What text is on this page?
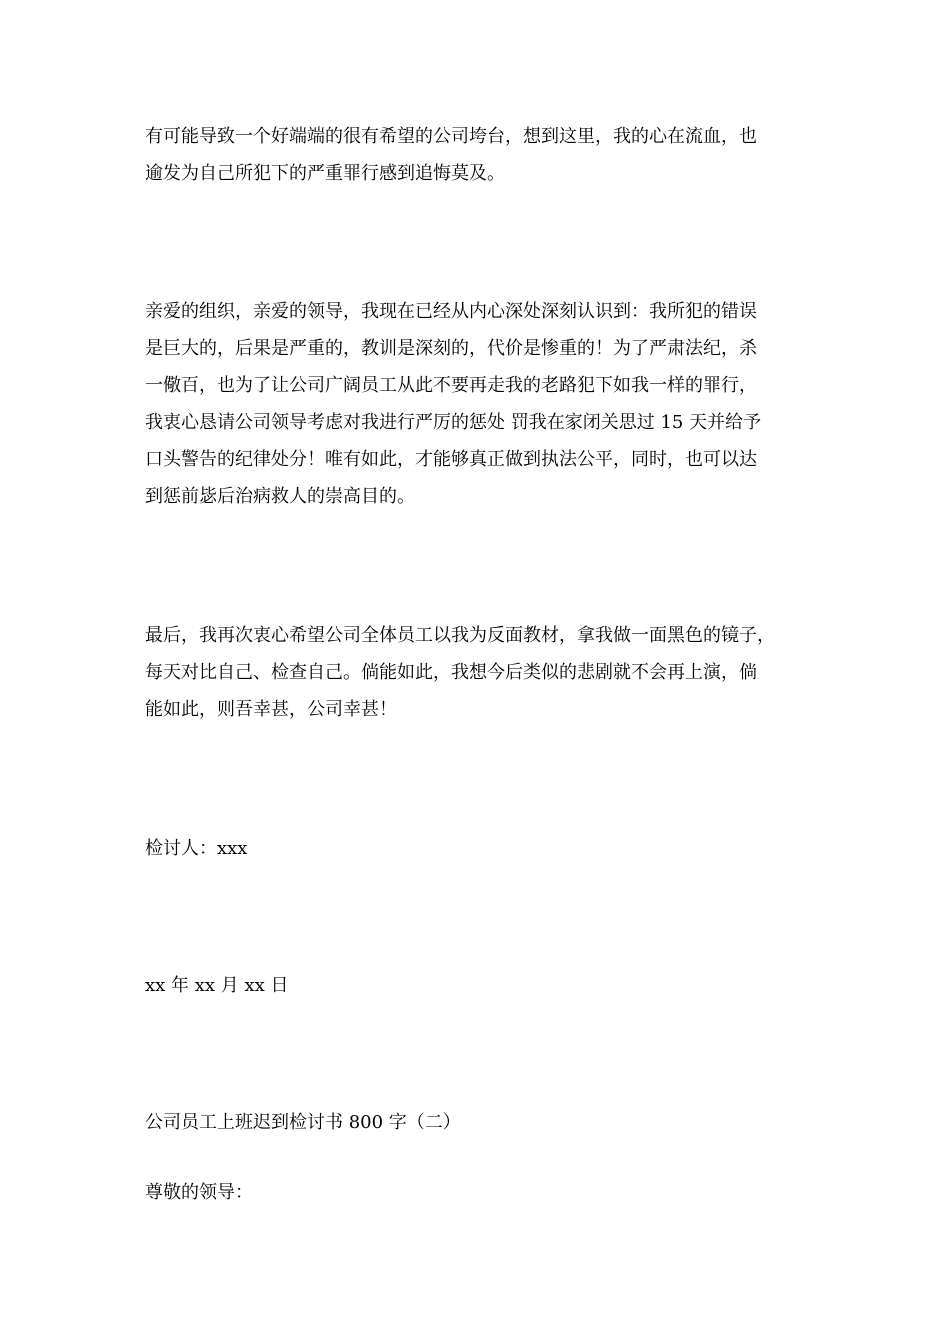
有可能导致一个好端端的很有希望的公司垮台，想到这里，我的心在流血，也
逾发为自己所犯下的严重罪行感到追悔莫及。
亲爱的组织，亲爱的领导，我现在已经从内心深处深刻认识到：我所犯的错误
是巨大的，后果是严重的，教训是深刻的，代价是惨重的！为了严肃法纪，杀
一儆百，也为了让公司广阔员工从此不要再走我的老路犯下如我一样的罪行，
我衷心恳请公司领导考虑对我进行严厉的惩处 罚我在家闭关思过 15 天并给予
口头警告的纪律处分！唯有如此，才能够真正做到执法公平，同时，也可以达
到惩前毖后治病救人的崇高目的。
最后，我再次衷心希望公司全体员工以我为反面教材，拿我做一面黑色的镜子，
每天对比自己、检查自己。倘能如此，我想今后类似的悲剧就不会再上演，倘
能如此，则吾幸甚，公司幸甚！
检讨人：xxx
xx 年 xx 月 xx 日
公司员工上班迟到检讨书 800 字（二）
尊敬的领导：
